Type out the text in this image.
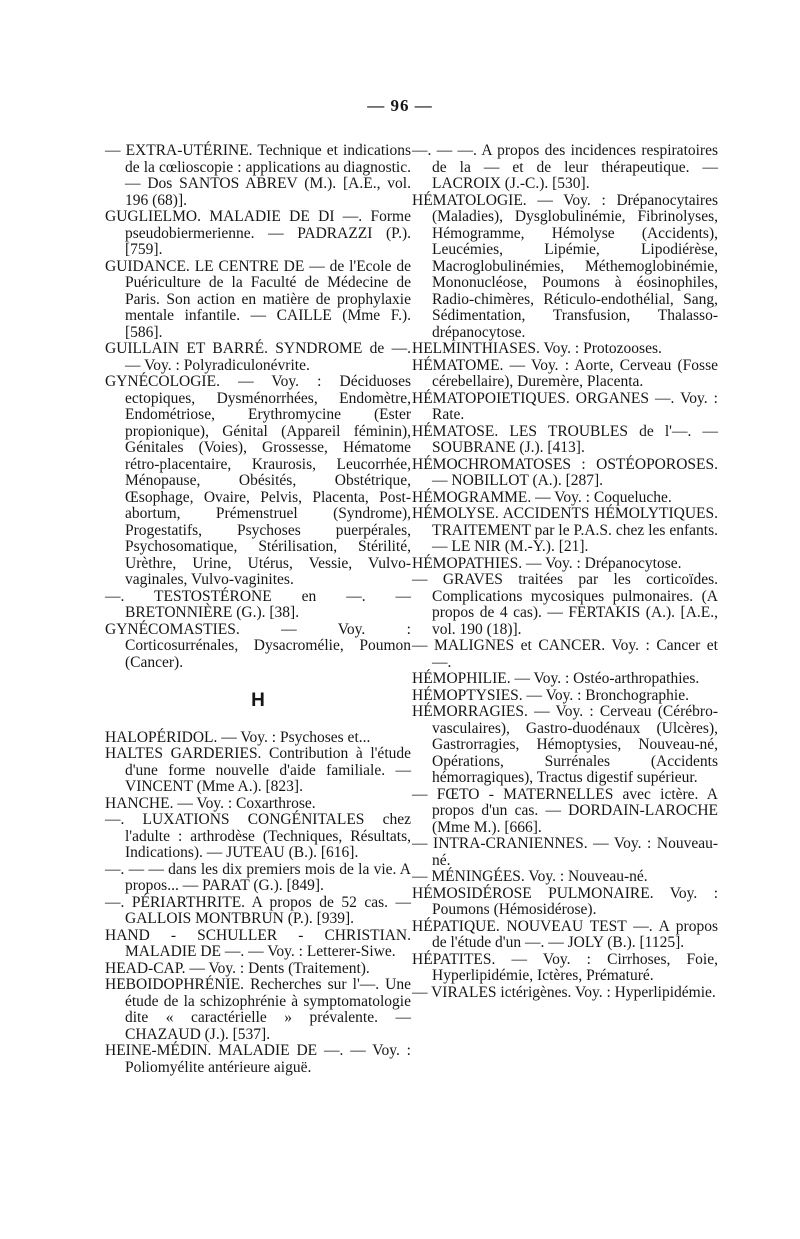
— 96 —

— EXTRA-UTÉRINE. Technique et indications de la cœlioscopie : applications au diagnostic. — Dos SANTOS ABREV (M.). [A.E., vol. 196 (68)].

GUGLIELMO. MALADIE DE DI —. Forme pseudobiermerienne. — PADRAZZI (P.). [759].

GUIDANCE. LE CENTRE DE — de l'Ecole de Puériculture de la Faculté de Médecine de Paris. Son action en matière de prophylaxie mentale infantile. — CAILLE (Mme F.). [586].

GUILLAIN ET BARRÉ. SYNDROME de —. — Voy. : Polyradiculonévrite.

GYNÉCOLOGIE. — Voy. : Déciduoses ectopiques, Dysménorrhées, Endomètre, Endométriose, Erythromycine (Ester propionique), Génital (Appareil féminin), Génitales (Voies), Grossesse, Hématome rétro-placentaire, Kraurosis, Leucorrhée, Ménopause, Obésités, Obstétrique, Œsophage, Ovaire, Pelvis, Placenta, Post-abortum, Prémenstruel (Syndrome), Progestatifs, Psychoses puerpérales, Psychosomatique, Stérilisation, Stérilité, Urèthre, Urine, Utérus, Vessie, Vulvo-vaginales, Vulvo-vaginites.

—. TESTOSTÉRONE en —. — BRETONNIÈRE (G.). [38].

GYNÉCOMASTIES. — Voy. : Corticosurrénales, Dysacromélie, Poumon (Cancer).

H

HALOPÉRIDOL. — Voy. : Psychoses et...

HALTES GARDERIES. Contribution à l'étude d'une forme nouvelle d'aide familiale. — VINCENT (Mme A.). [823].

HANCHE. — Voy. : Coxarthrose.

—. LUXATIONS CONGÉNITALES chez l'adulte : arthrodèse (Techniques, Résultats, Indications). — JUTEAU (B.). [616].

—. — — dans les dix premiers mois de la vie. A propos... — PARAT (G.). [849].

—. PÉRIARTHRITE. A propos de 52 cas. — GALLOIS MONTBRUN (P.). [939].

HAND - SCHULLER - CHRISTIAN. MALADIE DE —. — Voy. : Letterer-Siwe.

HEAD-CAP. — Voy. : Dents (Traitement).

HEBOIDOPHRÉNIE. Recherches sur l'—. Une étude de la schizophrénie à symptomatologie dite « caractérielle » prévalente. — CHAZAUD (J.). [537].

HEINE-MÉDIN. MALADIE DE —. — Voy. : Poliomyélite antérieure aiguë.

—. — —. A propos des incidences respiratoires de la — et de leur thérapeutique. — LACROIX (J.-C.). [530].

HÉMATOLOGIE. — Voy. : Drépanocytaires (Maladies), Dysglobulinémie, Fibrinolyses, Hémogramme, Hémolyse (Accidents), Leucémies, Lipémie, Lipodiérèse, Macroglobulinémies, Méthemoglobinémie, Mononucléose, Poumons à éosinophiles, Radio-chimères, Réticulo-endothélial, Sang, Sédimentation, Transfusion, Thalasso-drépanocytose.

HELMINTHIASES. Voy. : Protozooses.

HÉMATOME. — Voy. : Aorte, Cerveau (Fosse cérebellaire), Duremère, Placenta.

HÉMATOPOIETIQUES. ORGANES —. Voy. : Rate.

HÉMATOSE. LES TROUBLES de l'—. — SOUBRANE (J.). [413].

HÉMOCHROMATOSES : OSTÉOPOROSES. — NOBILLOT (A.). [287].

HÉMOGRAMME. — Voy. : Coqueluche.

HÉMOLYSE. ACCIDENTS HÉMOLYTIQUES. TRAITEMENT par le P.A.S. chez les enfants. — LE NIR (M.-Y.). [21].

HÉMOPATHIES. — Voy. : Drépanocytose.

— GRAVES traitées par les corticoïdes. Complications mycosiques pulmonaires. (A propos de 4 cas). — FERTAKIS (A.). [A.E., vol. 190 (18)].

— MALIGNES et CANCER. Voy. : Cancer et —.

HÉMOPHILIE. — Voy. : Ostéo-arthropathies.

HÉMOPTYSIES. — Voy. : Bronchographie.

HÉMORRAGIES. — Voy. : Cerveau (Cérébro-vasculaires), Gastro-duodénaux (Ulcères), Gastrorragies, Hémoptysies, Nouveau-né, Opérations, Surrénales (Accidents hémorragiques), Tractus digestif supérieur.

— FŒTO - MATERNELLES avec ictère. A propos d'un cas. — DORDAIN-LAROCHE (Mme M.). [666].

— INTRA-CRANIENNES. — Voy. : Nouveau-né.

— MÉNINGÉES. Voy. : Nouveau-né.

HÉMOSIDÉROSE PULMONAIRE. Voy. : Poumons (Hémosidérose).

HÉPATIQUE. NOUVEAU TEST —. A propos de l'étude d'un —. — JOLY (B.). [1125].

HÉPATITES. — Voy. : Cirrhoses, Foie, Hyperlipidémie, Ictères, Prématuré.

— VIRALES ictérigènes. Voy. : Hyperlipidémie.
